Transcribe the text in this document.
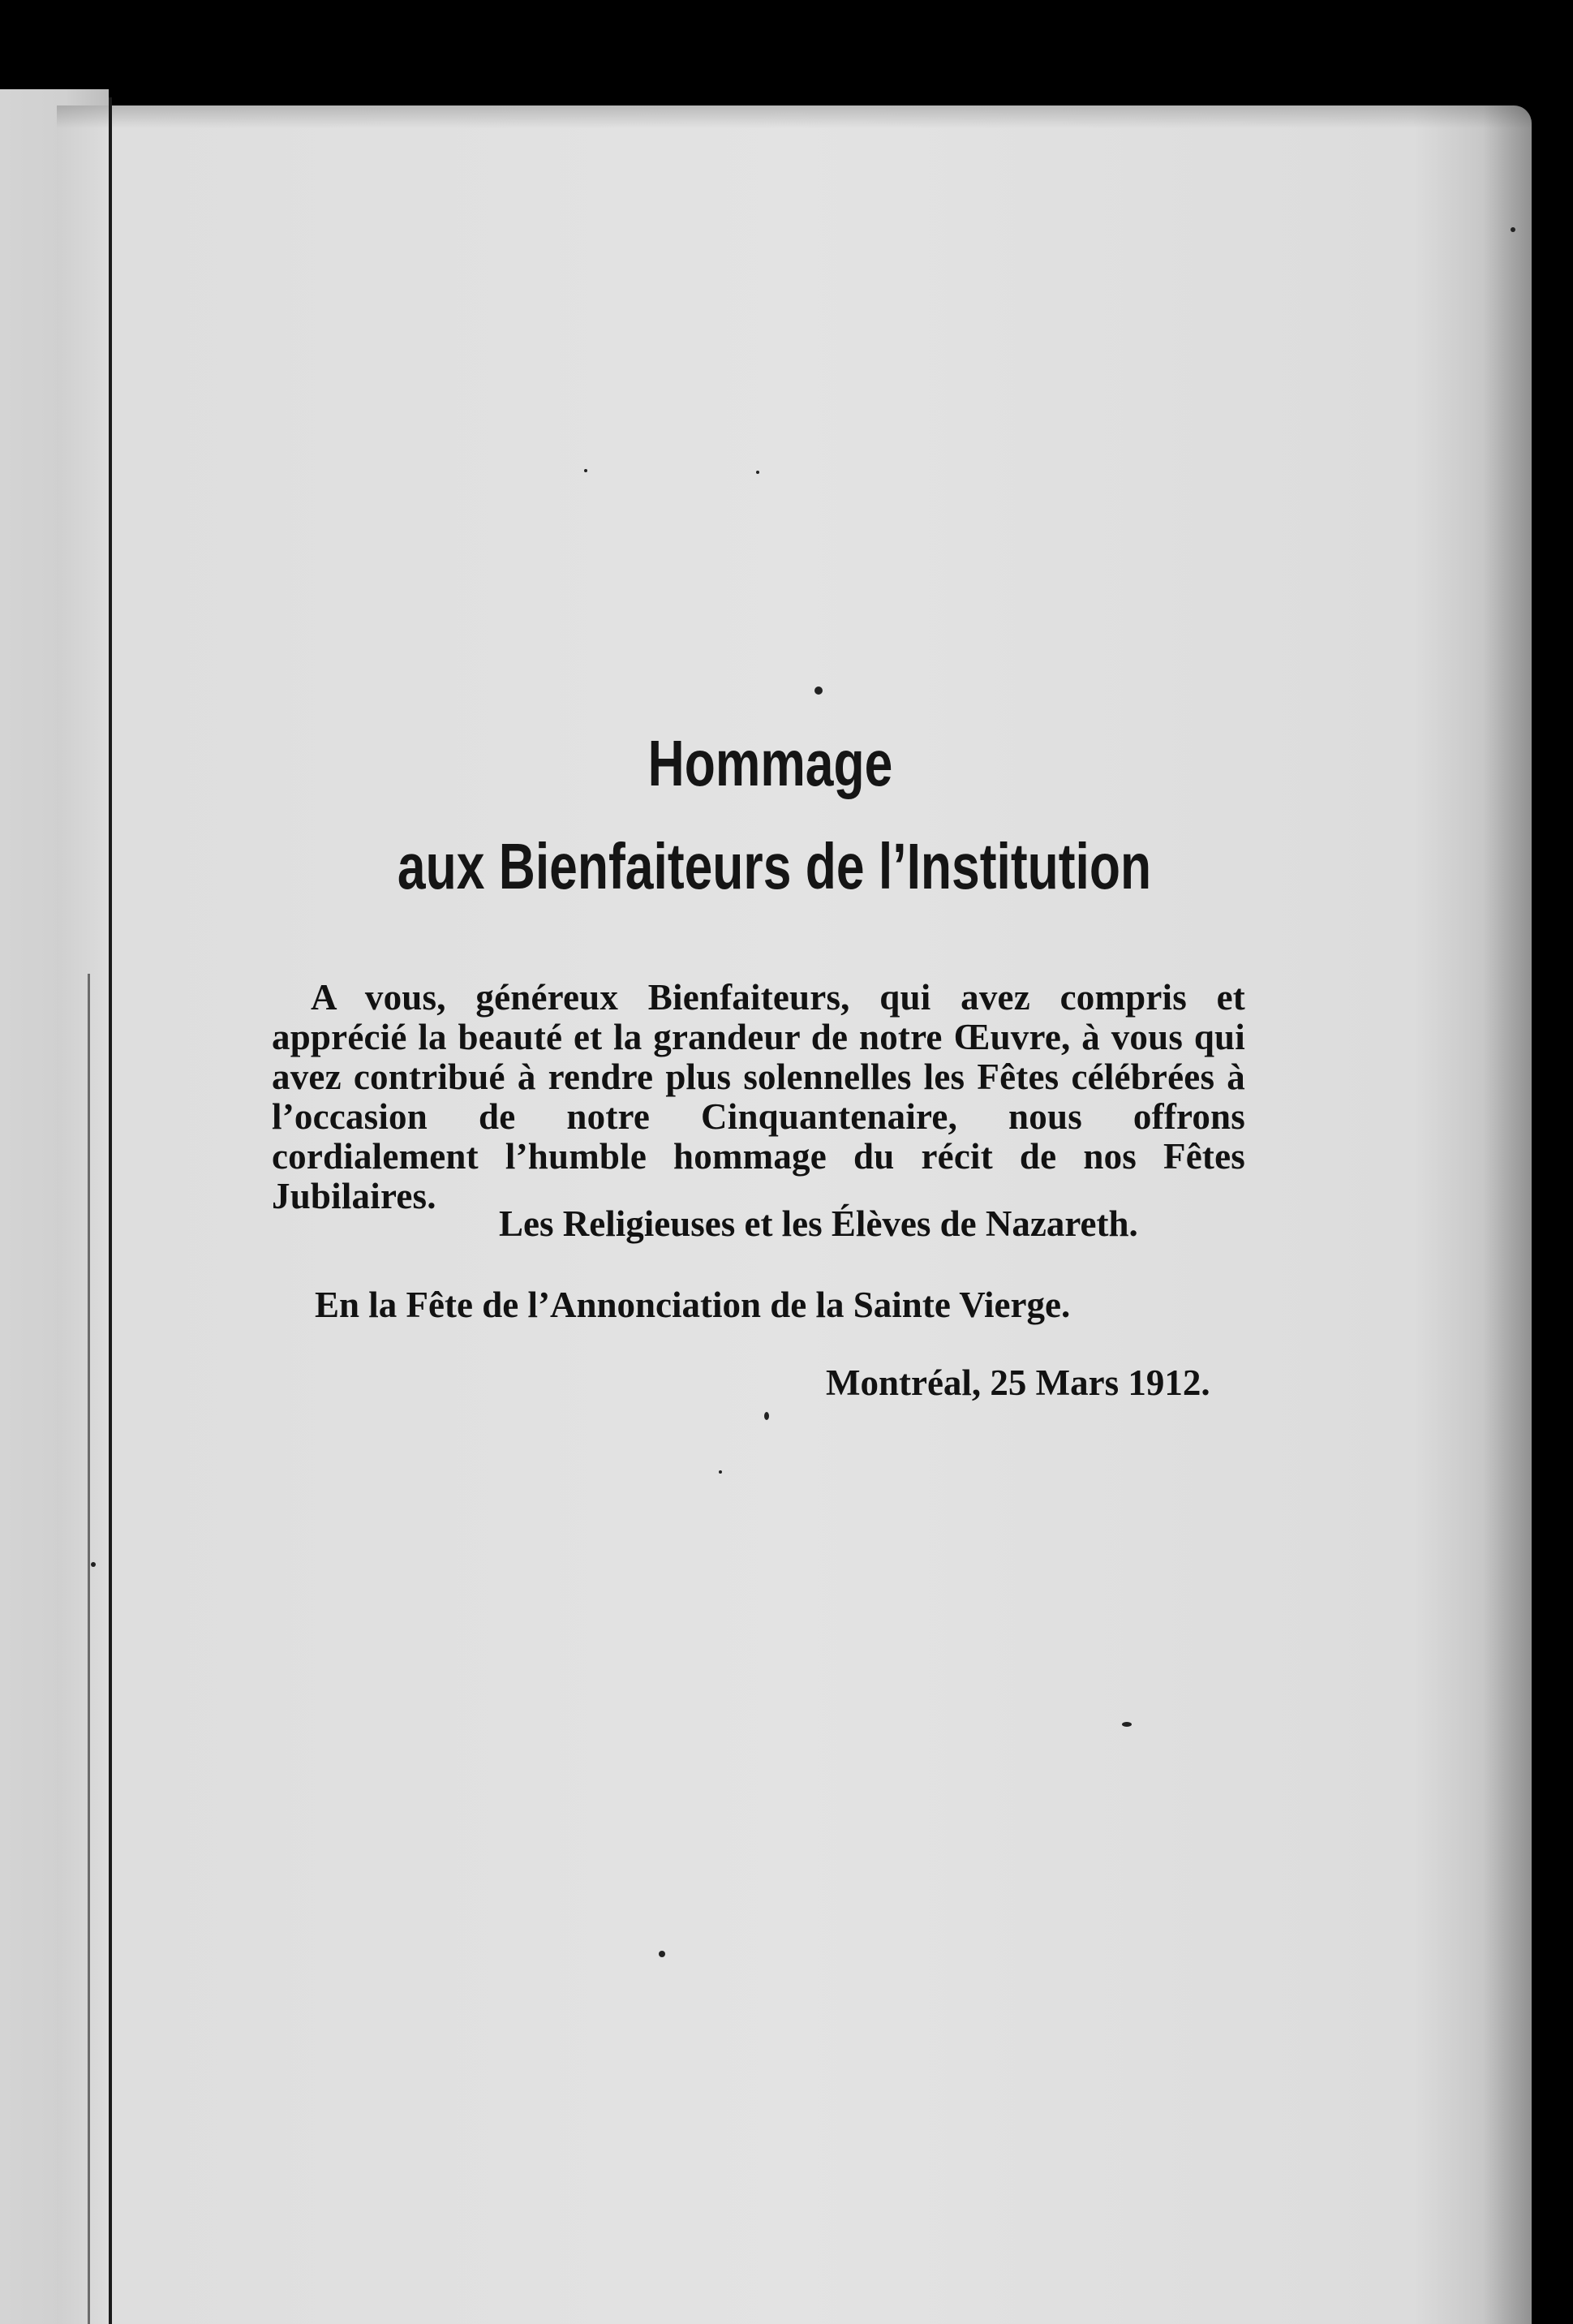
Hommage
aux Bienfaiteurs de l’Institution
A vous, généreux Bienfaiteurs, qui avez compris et apprécié la beauté et la grandeur de notre Œuvre, à vous qui avez contribué à rendre plus solennelles les Fêtes célébrées à l’occasion de notre Cinquantenaire, nous offrons cordialement l’humble hommage du récit de nos Fêtes Jubilaires.
Les Religieuses et les Élèves de Nazareth.
En la Fête de l’Annonciation de la Sainte Vierge.
Montréal, 25 Mars 1912.
